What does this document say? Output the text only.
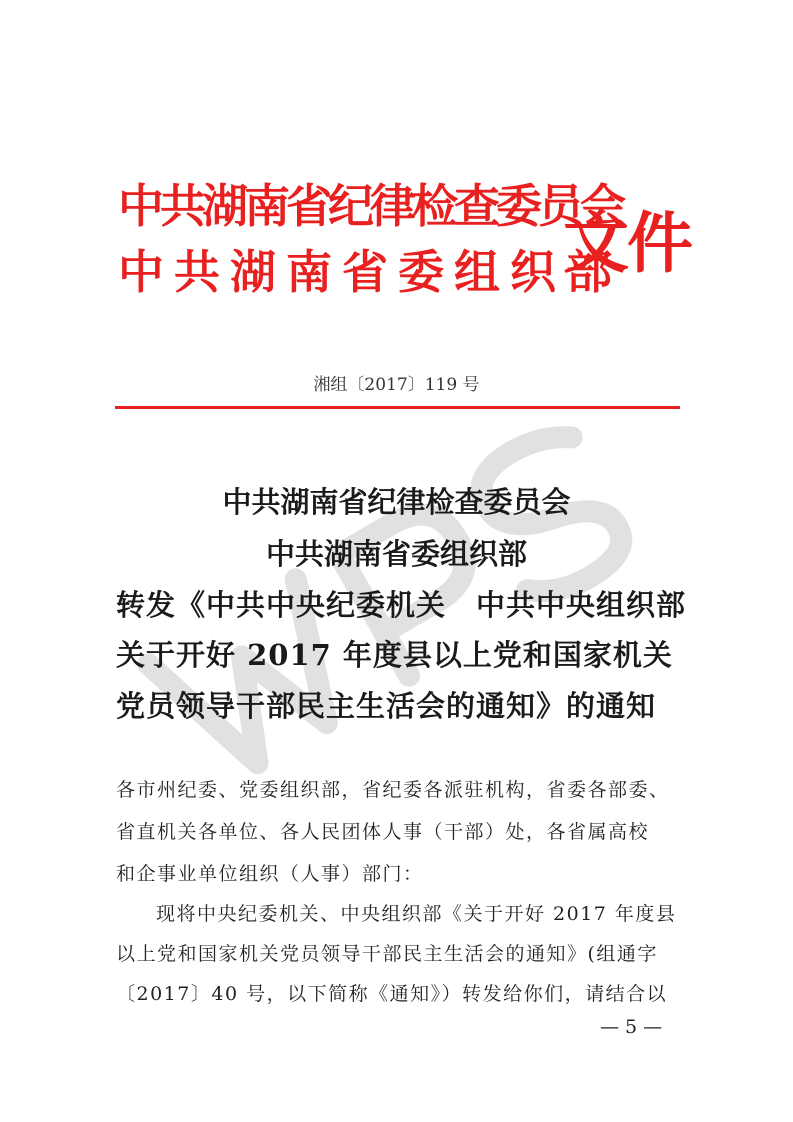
中共湖南省纪律检查委员会
中共湖南省委组织部
文件
湘组〔2017〕119 号
中共湖南省纪律检查委员会
中共湖南省委组织部
转发《中共中央纪委机关　中共中央组织部
关于开好 2017 年度县以上党和国家机关
党员领导干部民主生活会的通知》的通知
各市州纪委、党委组织部，省纪委各派驻机构，省委各部委、
省直机关各单位、各人民团体人事（干部）处，各省属高校
和企事业单位组织（人事）部门：
现将中央纪委机关、中央组织部《关于开好 2017 年度县
以上党和国家机关党员领导干部民主生活会的通知》(组通字
〔2017〕40 号，以下简称《通知》）转发给你们，请结合以
— 5 —
